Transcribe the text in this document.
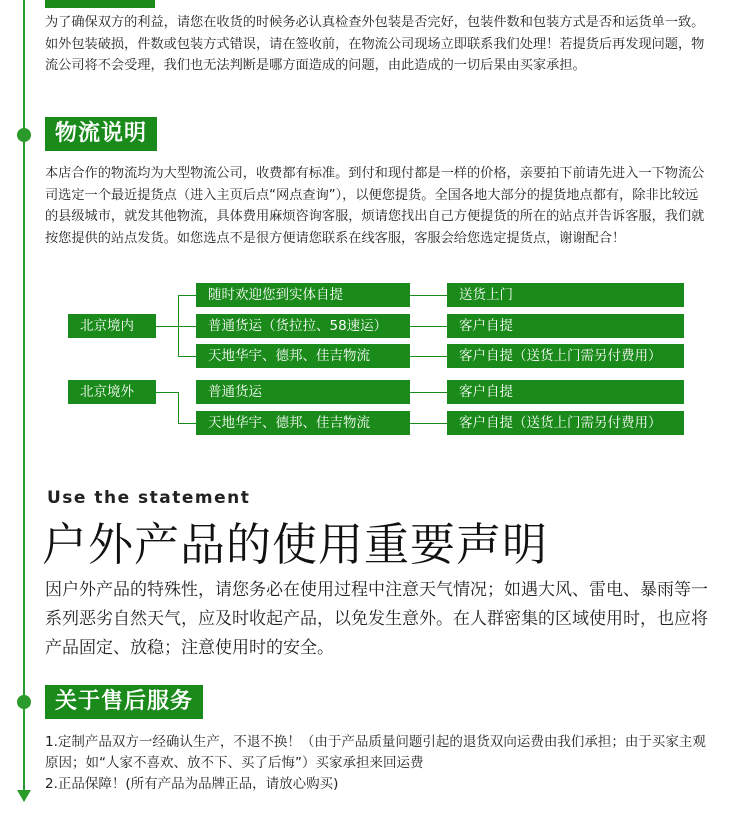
为了确保双方的利益，请您在收货的时候务必认真检查外包装是否完好，包装件数和包装方式是否和运货单一致。如外包装破损，件数或包装方式错误，请在签收前，在物流公司现场立即联系我们处理！若提货后再发现问题，物流公司将不会受理，我们也无法判断是哪方面造成的问题，由此造成的一切后果由买家承担。

物流说明

本店合作的物流均为大型物流公司，收费都有标准。到付和现付都是一样的价格，亲要拍下前请先进入一下物流公司选定一个最近提货点（进入主页后点“网点查询”），以便您提货。全国各地大部分的提货地点都有，除非比较远的县级城市，就发其他物流，具体费用麻烦咨询客服，烦请您找出自己方便提货的所在的站点并告诉客服，我们就按您提供的站点发货。如您选点不是很方便请您联系在线客服，客服会给您选定提货点，谢谢配合！

北京境内
随时欢迎您到实体自提
普通货运（货拉拉、58速运）
天地华宇、德邦、佳吉物流
送货上门
客户自提
客户自提（送货上门需另付费用）
北京境外	普通货运
天地华宇、德邦、佳吉物流
客户自提
客户自提（送货上门需另付费用）
Use the statement
户外产品的使用重要声明

因户外产品的特殊性，请您务必在使用过程中注意天气情况；如遇大风、雷电、暴雨等一系列恶劣自然天气，应及时收起产品，以免发生意外。在人群密集的区域使用时，也应将产品固定、放稳；注意使用时的安全。

关于售后服务

1.定制产品双方一经确认生产，不退不换！（由于产品质量问题引起的退货双向运费由我们承担；由于买家主观原因；如“人家不喜欢、放不下、买了后悔”）买家承担来回运费
2.正品保障！(所有产品为品牌正品，请放心购买)
